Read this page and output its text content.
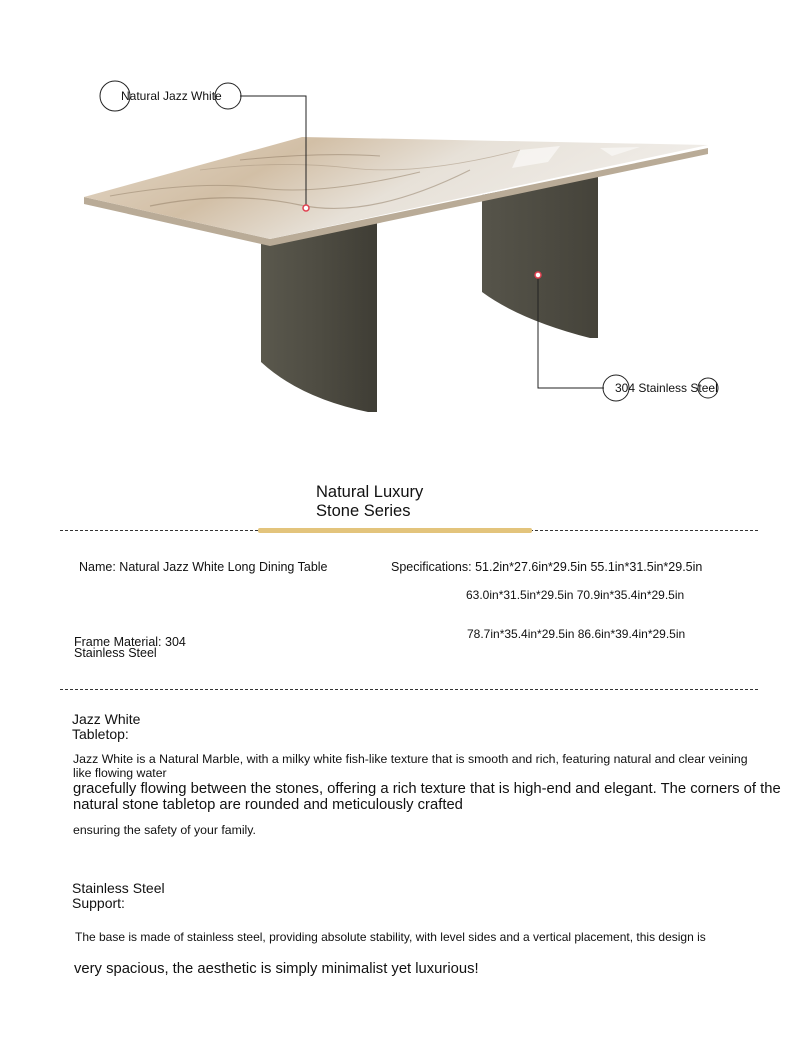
Natural Jazz White
304 Stainless Steel
Natural Luxury
Stone Series
Name: Natural Jazz White Long Dining Table	Specifications: 51.2in*27.6in*29.5in 55.1in*31.5in*29.5in
63.0in*31.5in*29.5in 70.9in*35.4in*29.5in
78.7in*35.4in*29.5in 86.6in*39.4in*29.5in
Frame Material: 304
Stainless Steel
Jazz White
Tabletop:
Jazz White is a Natural Marble, with a milky white fish-like texture that is smooth and rich, featuring natural and clear veining like flowing water
gracefully flowing between the stones, offering a rich texture that is high-end and elegant. The corners of the
natural stone tabletop are rounded and meticulously crafted
ensuring the safety of your family.
Stainless Steel
Support:
The base is made of stainless steel, providing absolute stability, with level sides and a vertical placement, this design is
very spacious, the aesthetic is simply minimalist yet luxurious!
